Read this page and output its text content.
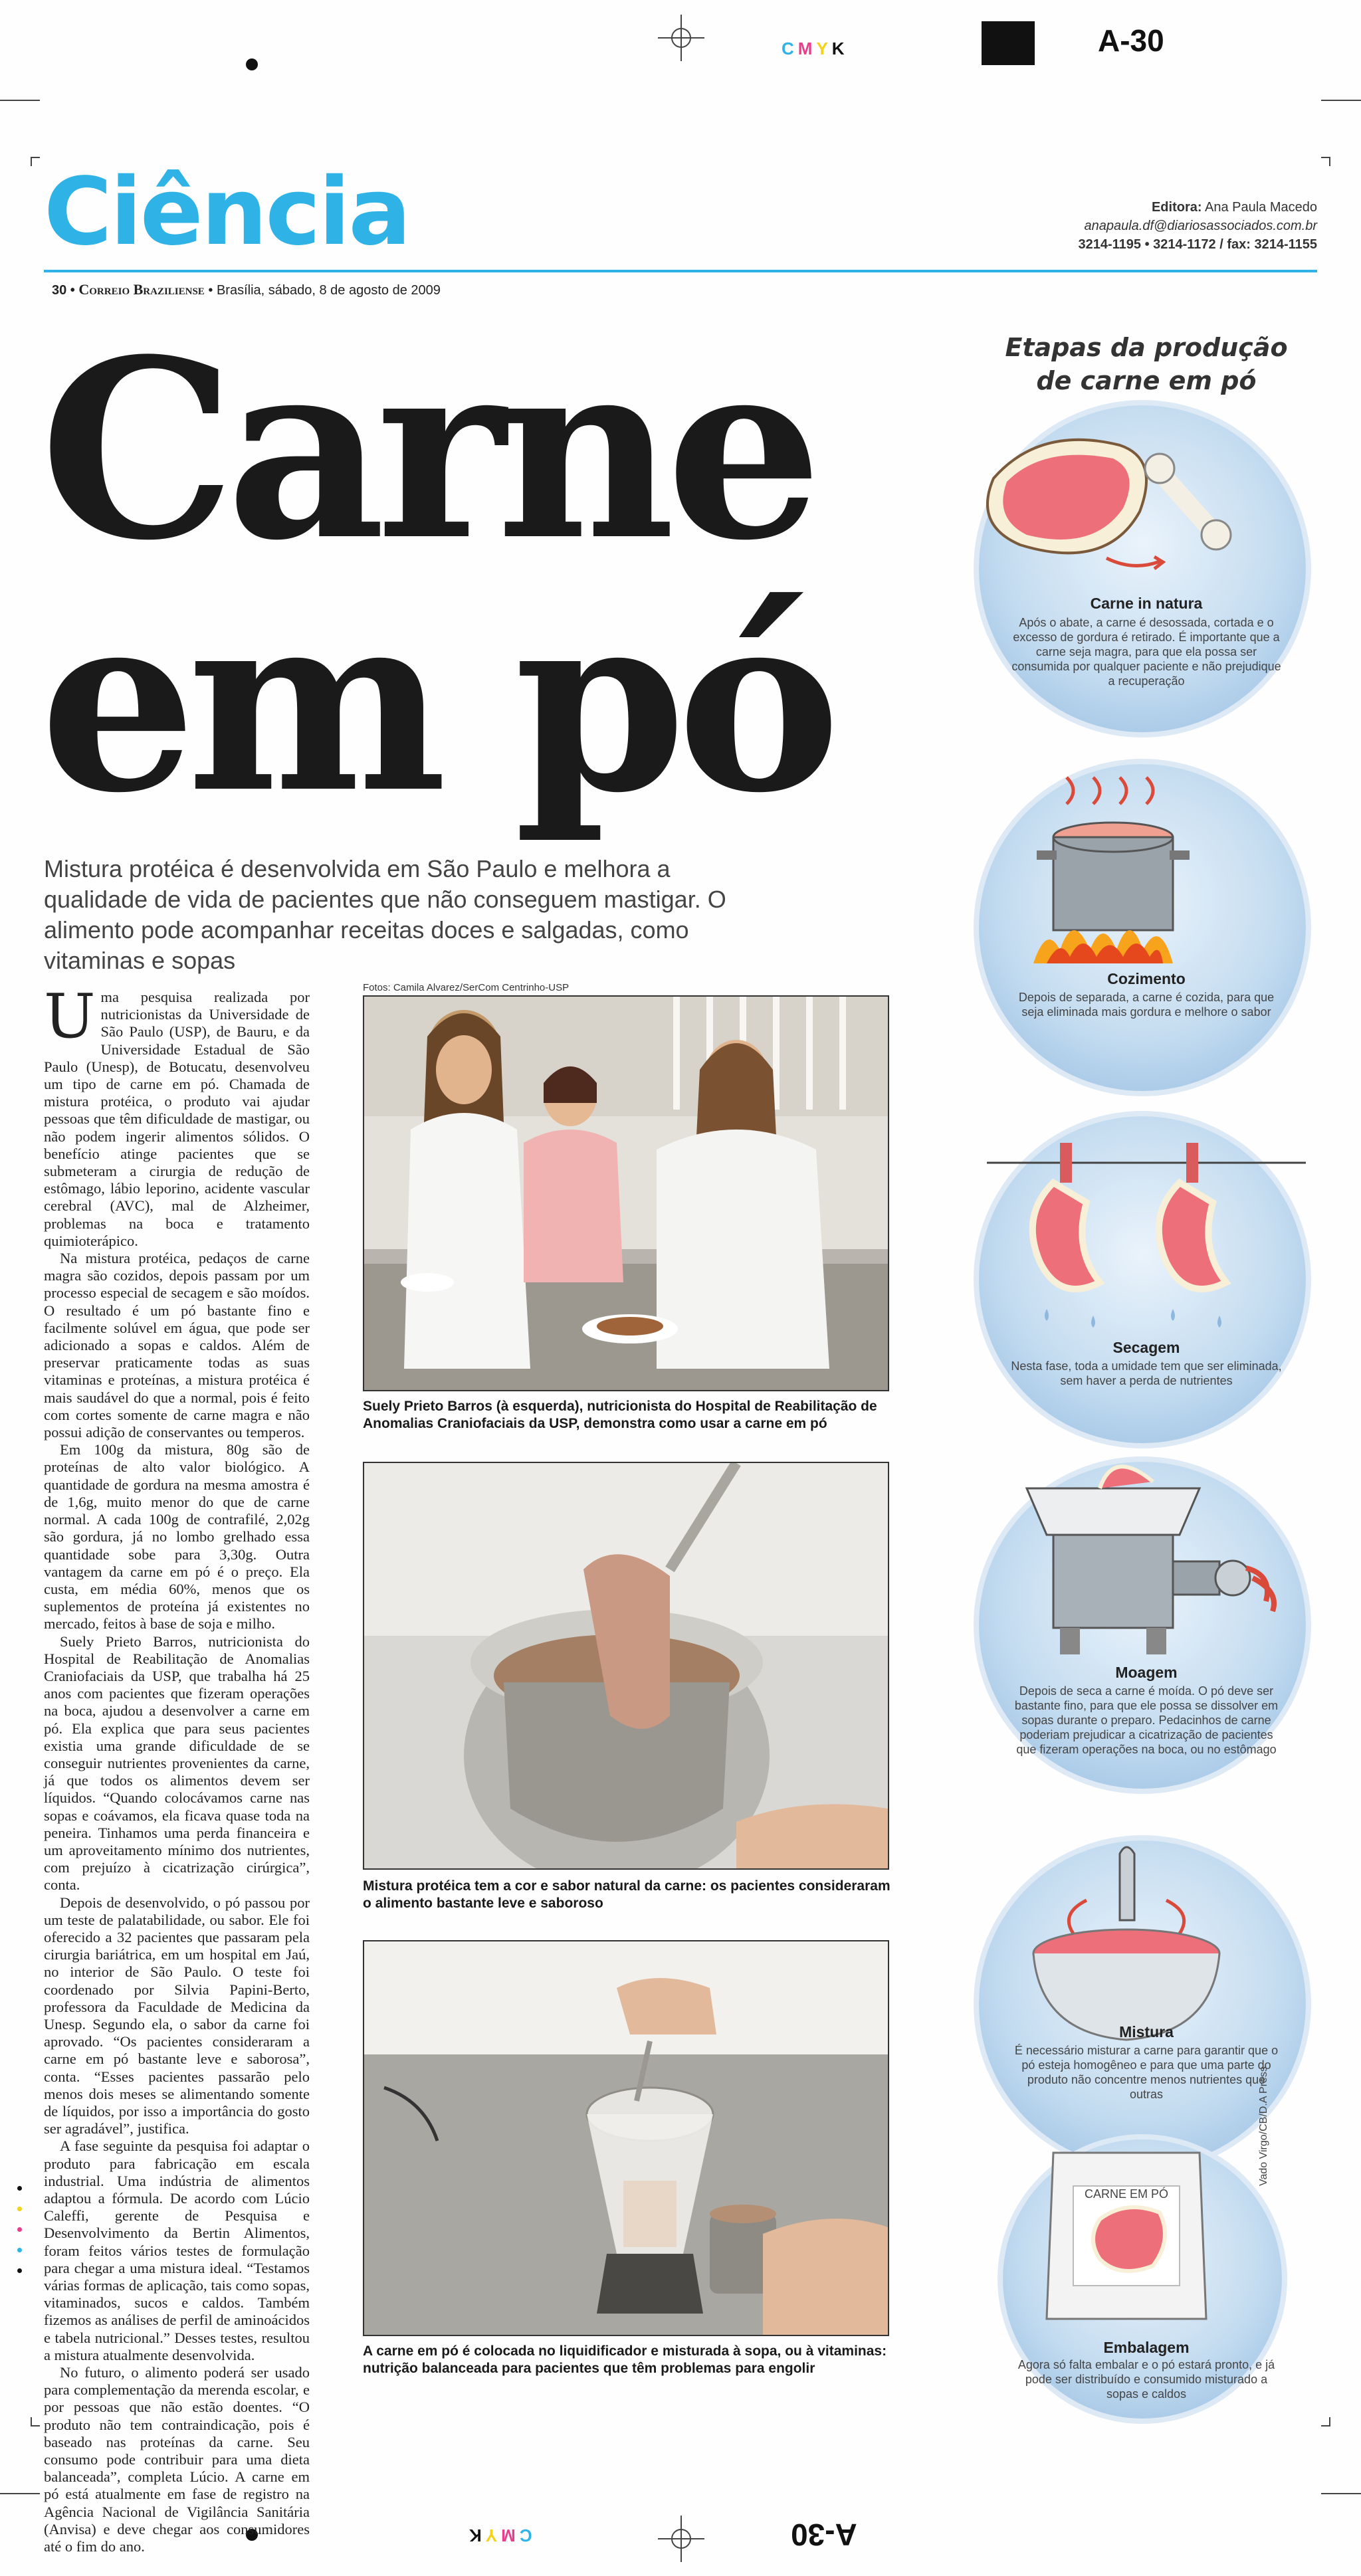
CMYK
CMYK
A-30
A-30
Ciência	Editora: Ana Paula Macedo
anapaula.df@diariosassociados.com.br
3214-1195 • 3214-1172 / fax: 3214-1155
30 • Correio Braziliense • Brasília, sábado, 8 de agosto de 2009
Carne
em pó
Mistura protéica é desenvolvida em São Paulo e melhora a qualidade de vida de pacientes que não conseguem mastigar. O alimento pode acompanhar receitas doces e salgadas, como vitaminas e sopas

Uma pesquisa realizada por nutricionistas da Universidade de São Paulo (USP), de Bauru, e da Universidade Estadual de São Paulo (Unesp), de Botucatu, desenvolveu um tipo de carne em pó. Chamada de mistura protéica, o produto vai ajudar pessoas que têm dificuldade de mastigar, ou não podem ingerir alimentos sólidos. O benefício atinge pacientes que se submeteram a cirurgia de redução de estômago, lábio leporino, acidente vascular cerebral (AVC), mal de Alzheimer, problemas na boca e tratamento quimioterápico.

Na mistura protéica, pedaços de carne magra são cozidos, depois passam por um processo especial de secagem e são moídos. O resultado é um pó bastante fino e facilmente solúvel em água, que pode ser adicionado a sopas e caldos. Além de preservar praticamente todas as suas vitaminas e proteínas, a mistura protéica é mais saudável do que a normal, pois é feito com cortes somente de carne magra e não possui adição de conservantes ou temperos.

Em 100g da mistura, 80g são de proteínas de alto valor biológico. A quantidade de gordura na mesma amostra é de 1,6g, muito menor do que de carne normal. A cada 100g de contrafilé, 2,02g são gordura, já no lombo grelhado essa quantidade sobe para 3,30g. Outra vantagem da carne em pó é o preço. Ela custa, em média 60%, menos que os suplementos de proteína já existentes no mercado, feitos à base de soja e milho.

Suely Prieto Barros, nutricionista do Hospital de Reabilitação de Anomalias Craniofaciais da USP, que trabalha há 25 anos com pacientes que fizeram operações na boca, ajudou a desenvolver a carne em pó. Ela explica que para seus pacientes existia uma grande dificuldade de se conseguir nutrientes provenientes da carne, já que todos os alimentos devem ser líquidos. “Quando colocávamos carne nas sopas e coávamos, ela ficava quase toda na peneira. Tinhamos uma perda financeira e um aproveitamento mínimo dos nutrientes, com prejuízo à cicatrização cirúrgica”, conta.

Depois de desenvolvido, o pó passou por um teste de palatabilidade, ou sabor. Ele foi oferecido a 32 pacientes que passaram pela cirurgia bariátrica, em um hospital em Jaú, no interior de São Paulo. O teste foi coordenado por Silvia Papini-Berto, professora da Faculdade de Medicina da Unesp. Segundo ela, o sabor da carne foi aprovado. “Os pacientes consideraram a carne em pó bastante leve e saborosa”, conta. “Esses pacientes passarão pelo menos dois meses se alimentando somente de líquidos, por isso a importância do gosto ser agradável”, justifica.

A fase seguinte da pesquisa foi adaptar o produto para fabricação em escala industrial. Uma indústria de alimentos adaptou a fórmula. De acordo com Lúcio Caleffi, gerente de Pesquisa e Desenvolvimento da Bertin Alimentos, foram feitos vários testes de formulação para chegar a uma mistura ideal. “Testamos várias formas de aplicação, tais como sopas, vitaminados, sucos e caldos. Também fizemos as análises de perfil de aminoácidos e tabela nutricional.” Desses testes, resultou a mistura atualmente desenvolvida.

No futuro, o alimento poderá ser usado para complementação da merenda escolar, e por pessoas que não estão doentes. “O produto não tem contraindicação, pois é baseado nas proteínas da carne. Seu consumo pode contribuir para uma dieta balanceada”, completa Lúcio. A carne em pó está atualmente em fase de registro na Agência Nacional de Vigilância Sanitária (Anvisa) e deve chegar aos consumidores até o fim do ano.

Fotos: Camila Alvarez/SerCom Centrinho-USP
Suely Prieto Barros (à esquerda), nutricionista do Hospital de Reabilitação de Anomalias Craniofaciais da USP, demonstra como usar a carne em pó
Mistura protéica tem a cor e sabor natural da carne: os pacientes consideraram o alimento bastante leve e saboroso
A carne em pó é colocada no liquidificador e misturada à sopa, ou à vitaminas: nutrição balanceada para pacientes que têm problemas para engolir
Etapas da produção
de carne em pó
Carne in natura
Após o abate, a carne é desossada, cortada e o excesso de gordura é retirado. É importante que a carne seja magra, para que ela possa ser consumida por qualquer paciente e não prejudique a recuperação
Cozimento
Depois de separada, a carne é cozida, para que seja eliminada mais gordura e melhore o sabor
Secagem
Nesta fase, toda a umidade tem que ser eliminada, sem haver a perda de nutrientes
Moagem
Depois de seca a carne é moída. O pó deve ser bastante fino, para que ele possa se dissolver em sopas durante o preparo. Pedacinhos de carne poderiam prejudicar a cicatrização de pacientes que fizeram operações na boca, ou no estômago
Mistura
É necessário misturar a carne para garantir que o pó esteja homogêneo e para que uma parte do produto não concentre menos nutrientes que outras
CARNE EM PÓ
Embalagem
Agora só falta embalar e o pó estará pronto, e já pode ser distribuído e consumido misturado a sopas e caldos
Vado Virgo/CB/D.A Press
